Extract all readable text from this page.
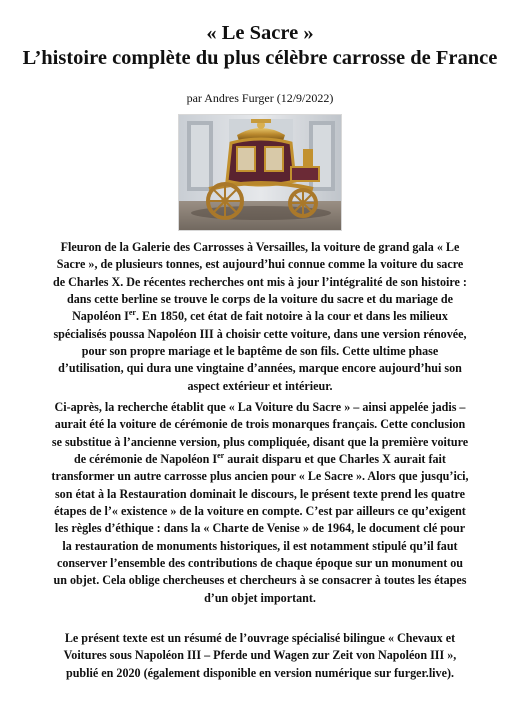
« Le Sacre »
L’histoire complète du plus célèbre carrosse de France
par Andres Furger (12/9/2022)

Fleuron de la Galerie des Carrosses à Versailles, la voiture de grand gala « Le
Sacre », de plusieurs tonnes, est aujourd’hui connue comme la voiture du sacre
de Charles X. De récentes recherches ont mis à jour l’intégralité de son histoire :
dans cette berline se trouve le corps de la voiture du sacre et du mariage de
Napoléon Ier. En 1850, cet état de fait notoire à la cour et dans les milieux
spécialisés poussa Napoléon III à choisir cette voiture, dans une version rénovée,
pour son propre mariage et le baptême de son fils. Cette ultime phase
d’utilisation, qui dura une vingtaine d’années, marque encore aujourd’hui son
aspect extérieur et intérieur.

Ci-après, la recherche établit que « La Voiture du Sacre » – ainsi appelée jadis –
aurait été la voiture de cérémonie de trois monarques français. Cette conclusion
se substitue à l’ancienne version, plus compliquée, disant que la première voiture
de cérémonie de Napoléon Ier aurait disparu et que Charles X aurait fait
transformer un autre carrosse plus ancien pour « Le Sacre ». Alors que jusqu’ici,
son état à la Restauration dominait le discours, le présent texte prend les quatre
étapes de l’« existence » de la voiture en compte. C’est par ailleurs ce qu’exigent
les règles d’éthique : dans la « Charte de Venise » de 1964, le document clé pour
la restauration de monuments historiques, il est notamment stipulé qu’il faut
conserver l’ensemble des contributions de chaque époque sur un monument ou
un objet. Cela oblige chercheuses et chercheurs à se consacrer à toutes les étapes
d’un objet important.

Le présent texte est un résumé de l’ouvrage spécialisé bilingue « Chevaux et
Voitures sous Napoléon III – Pferde und Wagen zur Zeit von Napoléon III »,
publié en 2020 (également disponible en version numérique sur furger.live).
